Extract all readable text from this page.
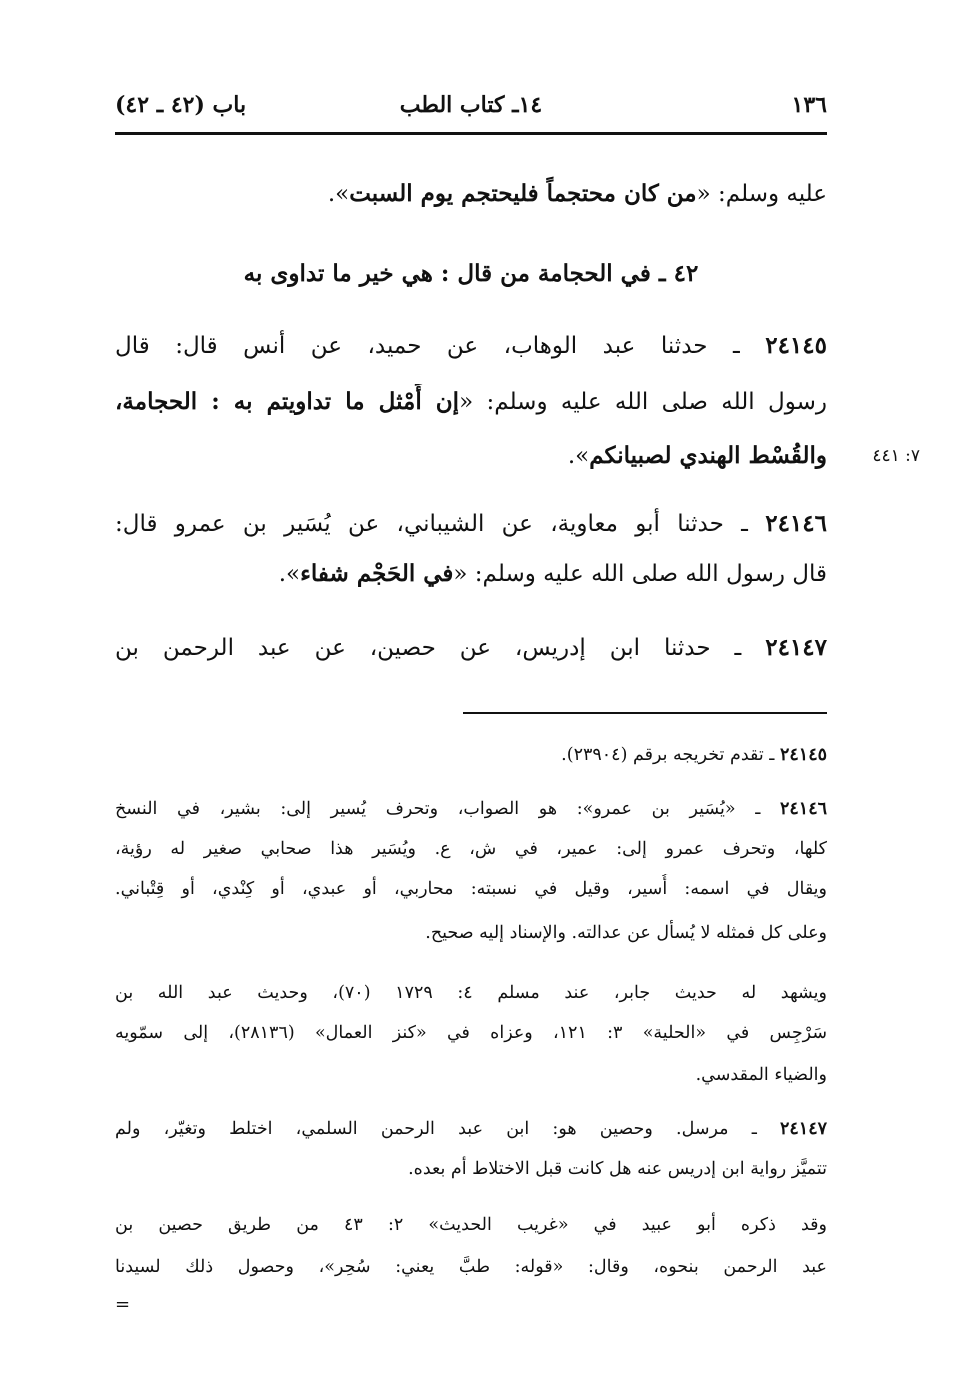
١٣٦
١٤ـ كتاب الطب
باب (٤٢ ـ ٤٢)
عليه وسلم: «من كان محتجماً فليحتجم يوم السبت».
٤٢ ـ في الحجامة من قال : هي خير ما تداوى به
٢٤١٤٥ ـ حدثنا عبد الوهاب، عن حميد، عن أنس قال: قال
رسول الله صلى الله عليه وسلم: «إن أَمْثل ما تداويتم به : الحجامة،
والقُسْط الهندي لصبيانكم».	٧: ٤٤١
٢٤١٤٦ ـ حدثنا أبو معاوية، عن الشيباني، عن يُسَير بن عمرو قال:
قال رسول الله صلى الله عليه وسلم: «في الحَجْم شفاء».
٢٤١٤٧ ـ حدثنا ابن إدريس، عن حصين، عن عبد الرحمن بن
٢٤١٤٥ ـ تقدم تخريجه برقم (٢٣٩٠٤).
٢٤١٤٦ ـ «يُسَير بن عمرو»: هو الصواب، وتحرف يُسير إلى: بشير، في النسخ
كلها، وتحرف عمرو إلى: عمير، في ش، ع. ويُسَير هذا صحابي صغير له رؤية،
ويقال في اسمه: أُسير، وقيل في نسبته: محاربي، أو عبدي، أو كِنْدي، أو قِتْباني.
وعلى كل فمثله لا يُسأل عن عدالته. والإسناد إليه صحيح.
ويشهد له حديث جابر، عند مسلم ٤: ١٧٢٩ (٧٠)، وحديث عبد الله بن
سَرْجِس في «الحلية» ٣: ١٢١، وعزاه في «كنز العمال» (٢٨١٣٦)، إلى سمّويه
والضياء المقدسي.
٢٤١٤٧ ـ مرسل. وحصين هو: ابن عبد الرحمن السلمي، اختلط وتغيّر، ولم
تتميَّز رواية ابن إدريس عنه هل كانت قبل الاختلاط أم بعده.
وقد ذكره أبو عبيد في «غريب الحديث» ٢: ٤٣ من طريق حصين بن
عبد الرحمن بنحوه، وقال: «قوله: طبَّ يعني: سُحِر»، وحصول ذلك لسيدنا
=
